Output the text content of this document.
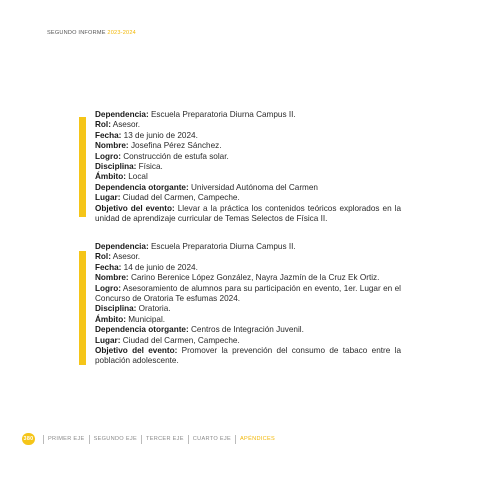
SEGUNDO INFORME 2023-2024
Dependencia: Escuela Preparatoria Diurna Campus II.
Rol: Asesor.
Fecha: 13 de junio de 2024.
Nombre: Josefina Pérez Sánchez.
Logro: Construcción de estufa solar.
Disciplina: Física.
Ámbito: Local
Dependencia otorgante: Universidad Autónoma del Carmen
Lugar: Ciudad del Carmen, Campeche.
Objetivo del evento: Llevar a la práctica los contenidos teóricos explorados en la unidad de aprendizaje curricular de Temas Selectos de Física II.
Dependencia: Escuela Preparatoria Diurna Campus II.
Rol: Asesor.
Fecha: 14 de junio de 2024.
Nombre: Carino Berenice López González, Nayra Jazmín de la Cruz Ek Ortiz.
Logro: Asesoramiento de alumnos para su participación en evento, 1er. Lugar en el Concurso de Oratoria Te esfumas 2024.
Disciplina: Oratoria.
Ámbito: Municipal.
Dependencia otorgante: Centros de Integración Juvenil.
Lugar: Ciudad del Carmen, Campeche.
Objetivo del evento: Promover la prevención del consumo de tabaco entre la población adolescente.
380	PRIMER EJE SEGUNDO EJE TERCER EJE CUARTO EJE APÉNDICES
